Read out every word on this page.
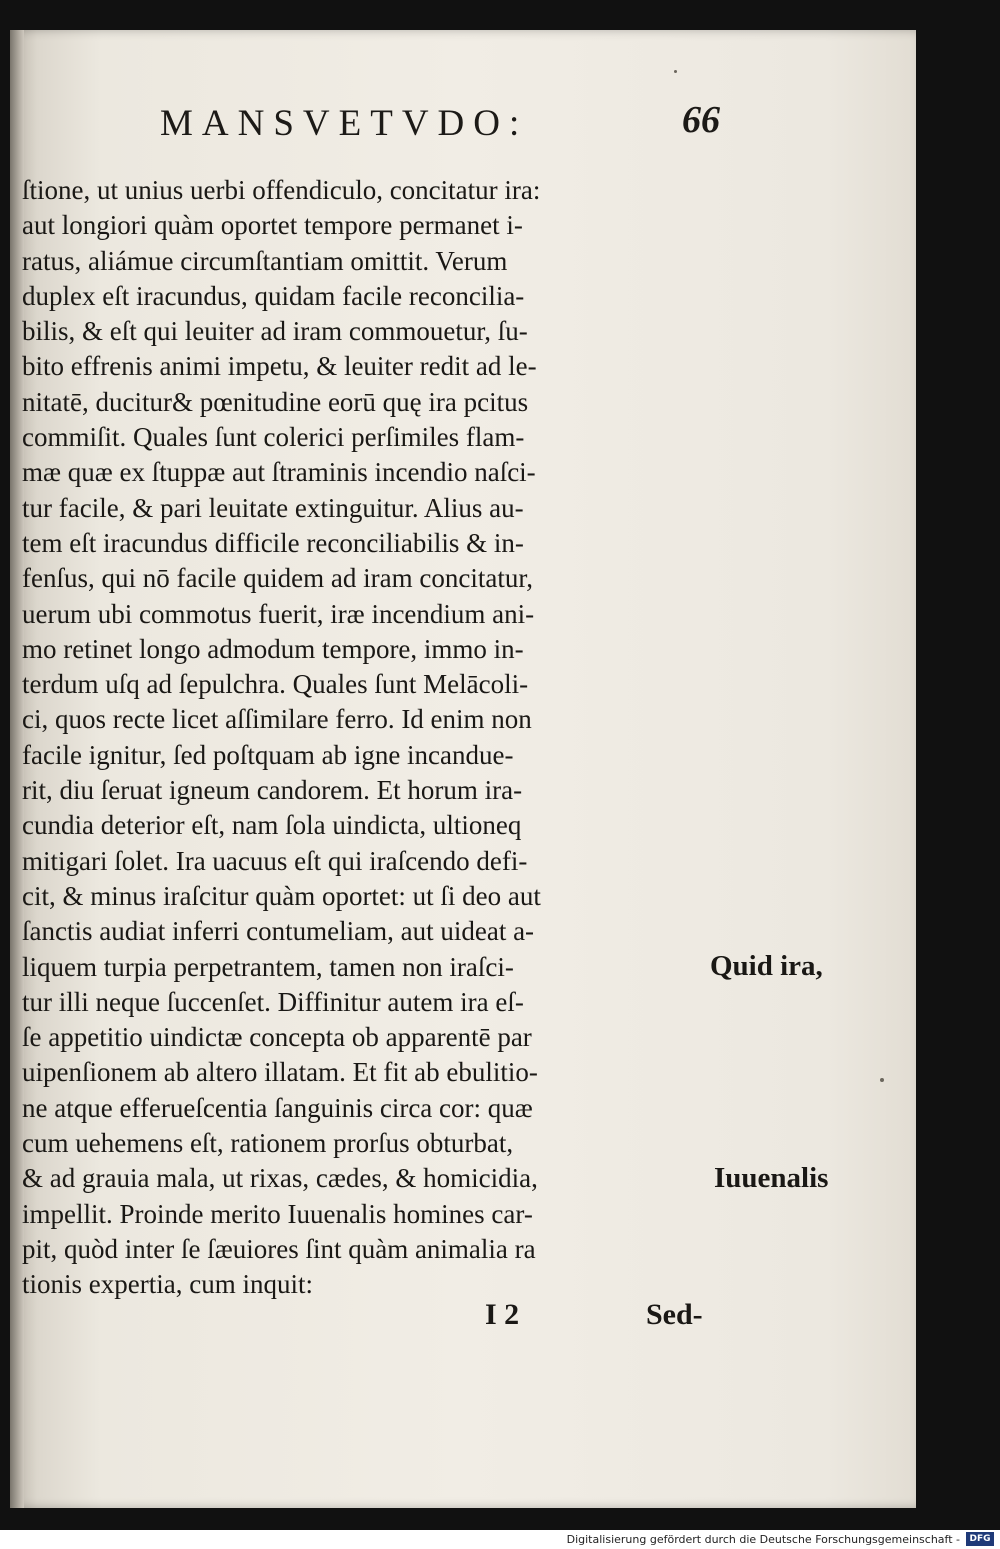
MANSVETVDO:	66
ſtione, ut unius uerbi offendiculo, concitatur ira:
aut longiori quàm oportet tempore permanet i-
ratus, aliámue circumſtantiam omittit. Verum
duplex eſt iracundus, quidam facile reconcilia-
bilis, & eſt qui leuiter ad iram commouetur, ſu-
bito effrenis animi impetu, & leuiter redit ad le-
nitatē, ducitur& pœnitudine eorū quę ira pcitus
commiſit. Quales ſunt colerici perſimiles flam-
mæ quæ ex ſtuppæ aut ſtraminis incendio naſci-
tur facile, & pari leuitate extinguitur. Alius au-
tem eſt iracundus difficile reconciliabilis & in-
fenſus, qui nō facile quidem ad iram concitatur,
uerum ubi commotus fuerit, iræ incendium ani-
mo retinet longo admodum tempore, immo in-
terdum uſq ad ſepulchra. Quales ſunt Melācoli-
ci, quos recte licet aſſimilare ferro. Id enim non
facile ignitur, ſed poſtquam ab igne incanduе-
rit, diu ſeruat igneum candorem. Et horum ira-
cundia deterior eſt, nam ſola uindicta, ultioneq
mitigari ſolet. Ira uacuus eſt qui iraſcendo defi-
cit, & minus iraſcitur quàm oportet: ut ſi deo aut
ſanctis audiat inferri contumeliam, aut uideat a-
liquem turpia perpetrantem, tamen non iraſci-
tur illi neque ſuccenſet. Diffinitur autem ira eſ-
ſe appetitio uindictæ concepta ob apparentē par
uipenſionem ab altero illatam. Et fit ab ebulitio-
ne atque efferueſcentia ſanguinis circa cor: quæ
cum uehemens eſt, rationem prorſus obturbat,
& ad grauia mala, ut rixas, cædes, & homicidia,
impellit. Proinde merito Iuuenalis homines car-
pit, quòd inter ſe ſæuiores ſint quàm animalia ra
tionis expertia, cum inquit:
Quid ira,
Iuuenalis
I 2	Sed-
Digitalisierung gefördert durch die Deutsche Forschungsgemeinschaft -	DFG
